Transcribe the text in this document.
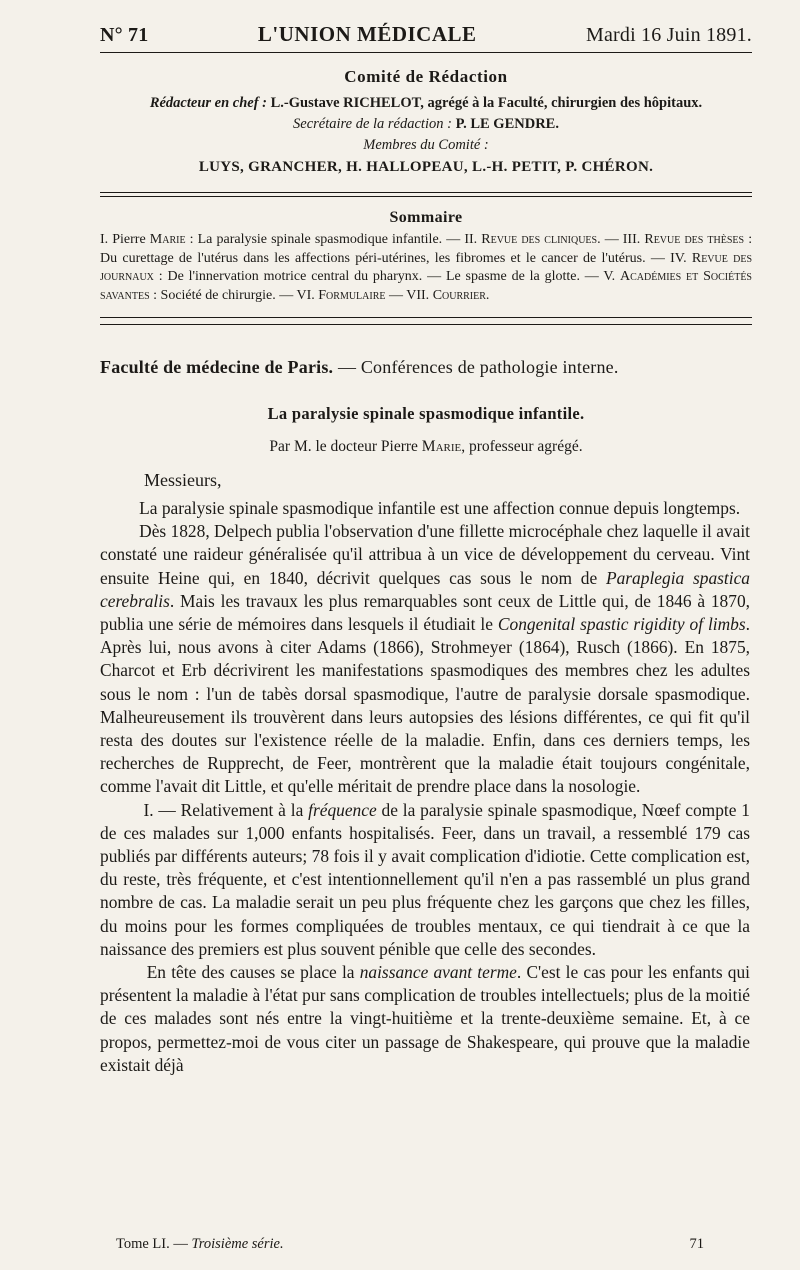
N° 71	L'UNION MÉDICALE	Mardi 16 Juin 1891.
Comité de Rédaction
Rédacteur en chef : L.-Gustave RICHELOT, agrégé à la Faculté, chirurgien des hôpitaux.
Secrétaire de la rédaction : P. LE GENDRE.
Membres du Comité :
LUYS, GRANCHER, H. HALLOPEAU, L.-H. PETIT, P. CHÉRON.
Sommaire
I. Pierre Marie : La paralysie spinale spasmodique infantile. — II. Revue des cliniques. — III. Revue des thèses : Du curettage de l'utérus dans les affections péri-utérines, les fibromes et le cancer de l'utérus. — IV. Revue des journaux : De l'innervation motrice central du pharynx. — Le spasme de la glotte. — V. Académies et Sociétés savantes : Société de chirurgie. — VI. Formulaire — VII. Courrier.
Faculté de médecine de Paris. — Conférences de pathologie interne.
La paralysie spinale spasmodique infantile.
Par M. le docteur Pierre Marie, professeur agrégé.
Messieurs,

La paralysie spinale spasmodique infantile est une affection connue depuis longtemps.

Dès 1828, Delpech publia l'observation d'une fillette microcéphale chez laquelle il avait constaté une raideur généralisée qu'il attribua à un vice de développement du cerveau. Vint ensuite Heine qui, en 1840, décrivit quelques cas sous le nom de Paraplegia spastica cerebralis. Mais les travaux les plus remarquables sont ceux de Little qui, de 1846 à 1870, publia une série de mémoires dans lesquels il étudiait le Congenital spastic rigidity of limbs. Après lui, nous avons à citer Adams (1866), Strohmeyer (1864), Rusch (1866). En 1875, Charcot et Erb décrivirent les manifestations spasmodiques des membres chez les adultes sous le nom : l'un de tabès dorsal spasmodique, l'autre de paralysie dorsale spasmodique. Malheureusement ils trouvèrent dans leurs autopsies des lésions différentes, ce qui fit qu'il resta des doutes sur l'existence réelle de la maladie. Enfin, dans ces derniers temps, les recherches de Rupprecht, de Feer, montrèrent que la maladie était toujours congénitale, comme l'avait dit Little, et qu'elle méritait de prendre place dans la nosologie.

I. — Relativement à la fréquence de la paralysie spinale spasmodique, Nœef compte 1 de ces malades sur 1,000 enfants hospitalisés. Feer, dans un travail, a ressemblé 179 cas publiés par différents auteurs; 78 fois il y avait complication d'idiotie. Cette complication est, du reste, très fréquente, et c'est intentionnellement qu'il n'en a pas rassemblé un plus grand nombre de cas. La maladie serait un peu plus fréquente chez les garçons que chez les filles, du moins pour les formes compliquées de troubles mentaux, ce qui tiendrait à ce que la naissance des premiers est plus souvent pénible que celle des secondes.

En tête des causes se place la naissance avant terme. C'est le cas pour les enfants qui présentent la maladie à l'état pur sans complication de troubles intellectuels; plus de la moitié de ces malades sont nés entre la vingt-huitième et la trente-deuxième semaine. Et, à ce propos, permettez-moi de vous citer un passage de Shakespeare, qui prouve que la maladie existait déjà

Tome LI. — Troisième série.	71
